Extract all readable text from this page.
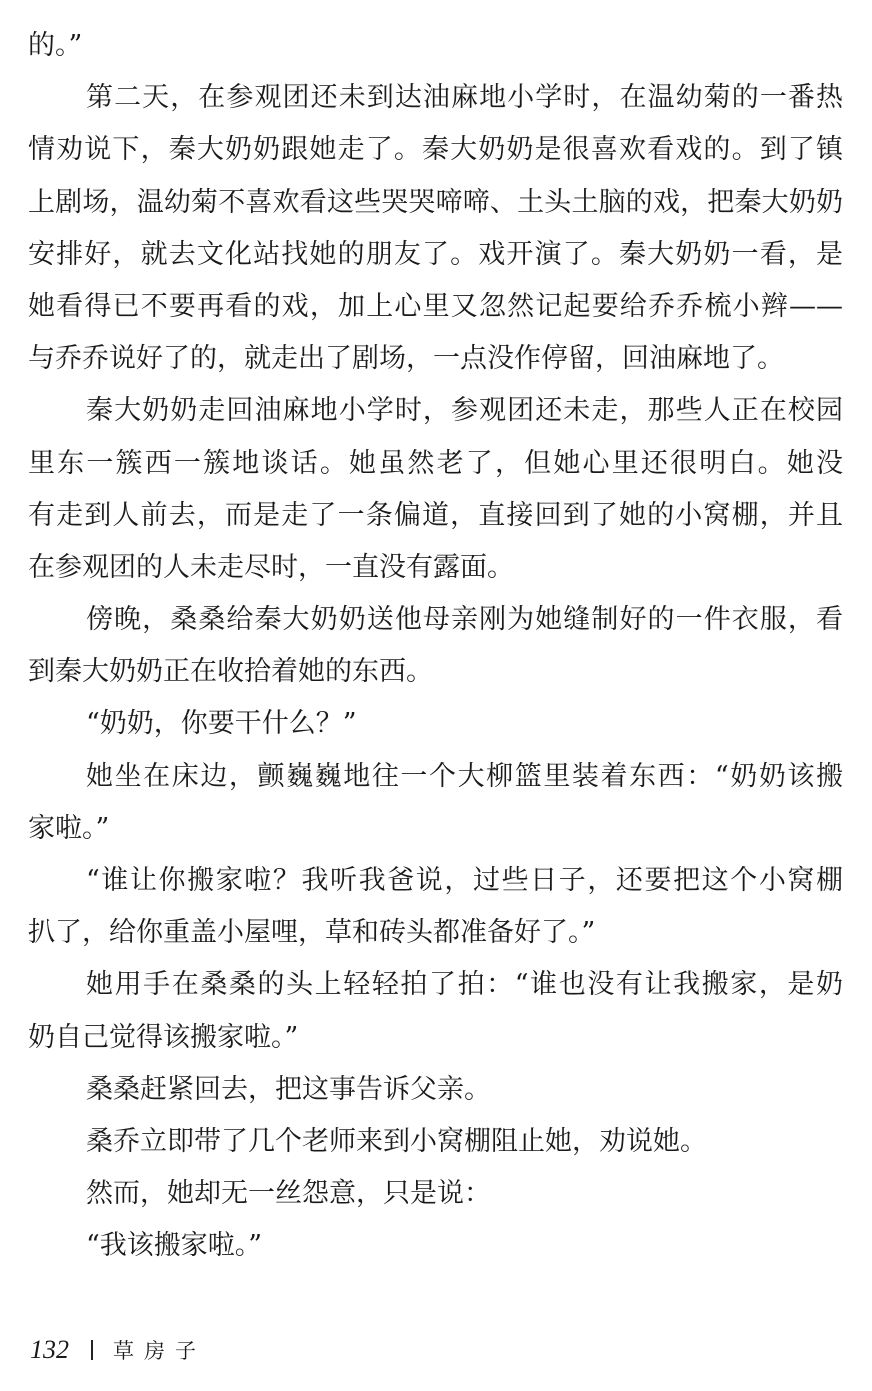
的。”
第二天，在参观团还未到达油麻地小学时，在温幼菊的一番热
情劝说下，秦大奶奶跟她走了。秦大奶奶是很喜欢看戏的。到了镇
上剧场，温幼菊不喜欢看这些哭哭啼啼、土头土脑的戏，把秦大奶奶
安排好，就去文化站找她的朋友了。戏开演了。秦大奶奶一看，是
她看得已不要再看的戏，加上心里又忽然记起要给乔乔梳小辫——
与乔乔说好了的，就走出了剧场，一点没作停留，回油麻地了。
秦大奶奶走回油麻地小学时，参观团还未走，那些人正在校园
里东一簇西一簇地谈话。她虽然老了，但她心里还很明白。她没
有走到人前去，而是走了一条偏道，直接回到了她的小窝棚，并且
在参观团的人未走尽时，一直没有露面。
傍晚，桑桑给秦大奶奶送他母亲刚为她缝制好的一件衣服，看
到秦大奶奶正在收拾着她的东西。
“奶奶，你要干什么？”
她坐在床边，颤巍巍地往一个大柳篮里装着东西：“奶奶该搬
家啦。”
“谁让你搬家啦？我听我爸说，过些日子，还要把这个小窝棚
扒了，给你重盖小屋哩，草和砖头都准备好了。”
她用手在桑桑的头上轻轻拍了拍：“谁也没有让我搬家，是奶
奶自己觉得该搬家啦。”
桑桑赶紧回去，把这事告诉父亲。
桑乔立即带了几个老师来到小窝棚阻止她，劝说她。
然而，她却无一丝怨意，只是说：
“我该搬家啦。”
132 草房子
